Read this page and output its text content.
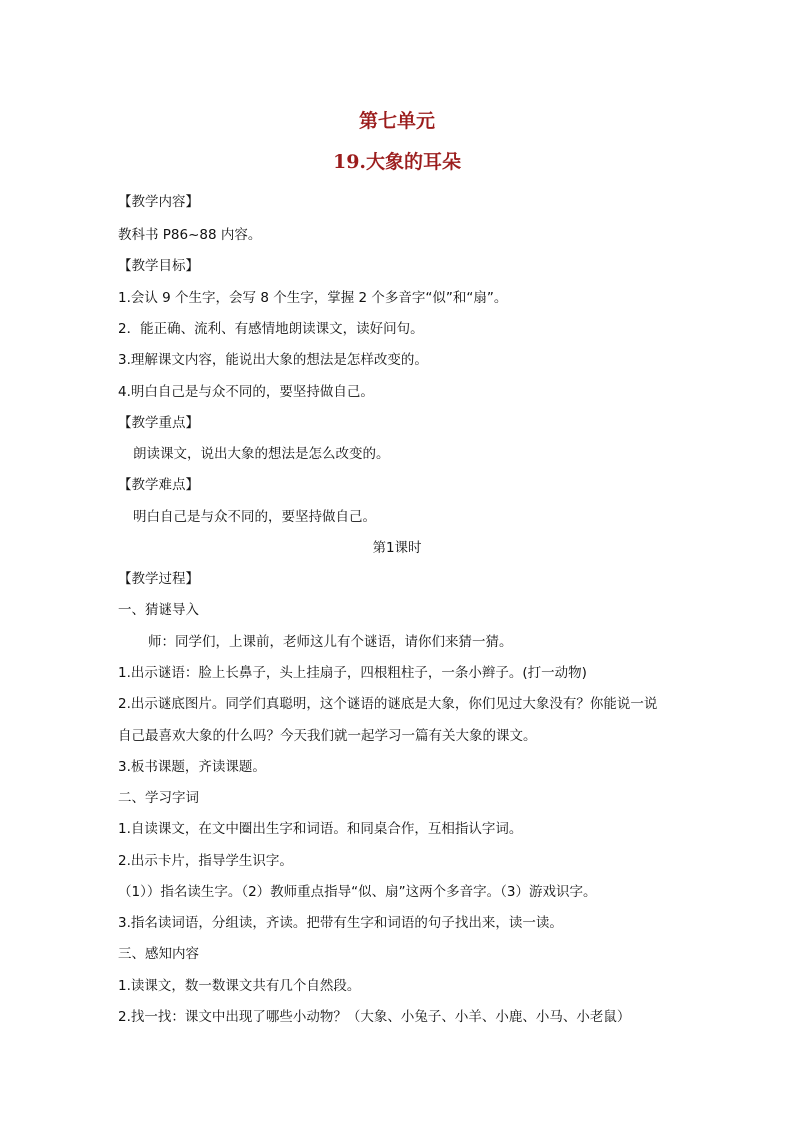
第七单元
19.大象的耳朵
【教学内容】
教科书 P86~88 内容。
【教学目标】
1.会认 9 个生字，会写 8 个生字，掌握 2 个多音字“似”和“扇”。
2．能正确、流利、有感情地朗读课文，读好问句。
3.理解课文内容，能说出大象的想法是怎样改变的。
4.明白自己是与众不同的，要坚持做自己。
【教学重点】
朗读课文，说出大象的想法是怎么改变的。
【教学难点】
明白自己是与众不同的，要坚持做自己。
第1课时
【教学过程】
一、猜谜导入
师：同学们，上课前，老师这儿有个谜语，请你们来猜一猜。
1.出示谜语：脸上长鼻子，头上挂扇子，四根粗柱子，一条小辫子。(打一动物)
2.出示谜底图片。同学们真聪明，这个谜语的谜底是大象，你们见过大象没有？你能说一说
自己最喜欢大象的什么吗？今天我们就一起学习一篇有关大象的课文。
3.板书课题，齐读课题。
二、学习字词
1.自读课文，在文中圈出生字和词语。和同桌合作，互相指认字词。
2.出示卡片，指导学生识字。
（1））指名读生字。（2）教师重点指导“似、扇”这两个多音字。（3）游戏识字。
3.指名读词语，分组读，齐读。把带有生字和词语的句子找出来，读一读。
三、感知内容
1.读课文，数一数课文共有几个自然段。
2.找一找：课文中出现了哪些小动物？（大象、小兔子、小羊、小鹿、小马、小老鼠）
